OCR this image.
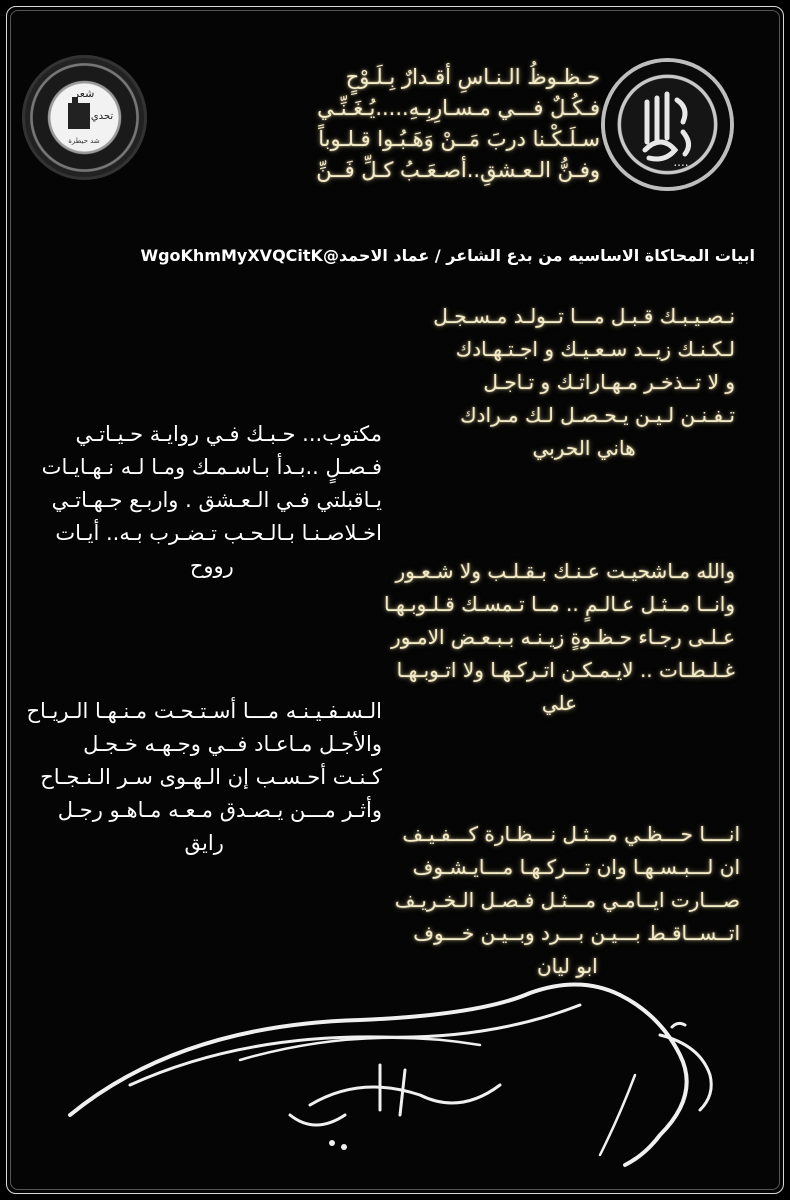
شعر
تحدي
شد حيطرة
....
حـظـوظُ الـنـاسِ أقـدارٌ بِـلَـوْحٍ
فـكُـلٌ فـــي مـسـارِبِـهِ.....يُـغَـنِّـي
سـلَـكْـنا دربَ مَــنْ وَهَـبُـوا قـلـوباً
وفـنُّ الـعـشقِ..أصـعَـبُ كـلِّ فَــنِّ
ابيات المحاكاة الاساسيه من بدع الشاعر / عماد الاحمد@WgoKhmMyXVQCitK
نـصـيـبـك قـبـل مـــا تــولـد مـسـجـل
لـكـنـك زيــد سـعـيـك و اجـتـهـادك
و لا تــذخـر مـهـاراتـك و تـاجـل
تـفـنـن لـيـن يـحـصـل لـك مـرادك
هاني الحربي
مكتوب... حـبـك فـي روايـة حـيـاتـي
فـصـلٍ ..بـدأ بـاسـمـك ومـا لـه نـهـايـات
يـاقبلتي فـي الـعـشق . واربـع جـهـاتـي
اخـلاصـنـا بـالـحـب تـضـرب بـه.. أيـات
رووح	والله مـاشحيـت عـنـك بـقـلـب ولا شـعـور
وانــا مــثـل عـالـمٍ .. مــا تـمسـك قـلـوبـهـا
عـلـى رجـاء حـظـوةٍ زيـنـه بـبـعـض الامـور
غـلـطـات .. لايـمـكـن اتـركـهـا ولا اتـوبـهـا
علي
الـسـفـيـنـه مـــا أسـتـحـت مـنـهـا الـريـاح
والأجـل مـاعـاد فــي وجـهـه خـجـل
كـنـت أحـسـب إن الـهـوى سـر الـنـجـاح
وأثـر مـــن يـصـدق مـعـه مـاهـو رجـل
رايق	انــــا حـــظـي مـــثـل نـــظـارة كـــفـيـف
ان لـــبـسـهـا وان تـــركـهـا مـــايـشـوف
صـــارت ايــامـي مـــثـل فـصـل الـخـريـف
اتــســاقـط بـــيـن بـــرد وبــيـن خـــوف
ابو ليان
